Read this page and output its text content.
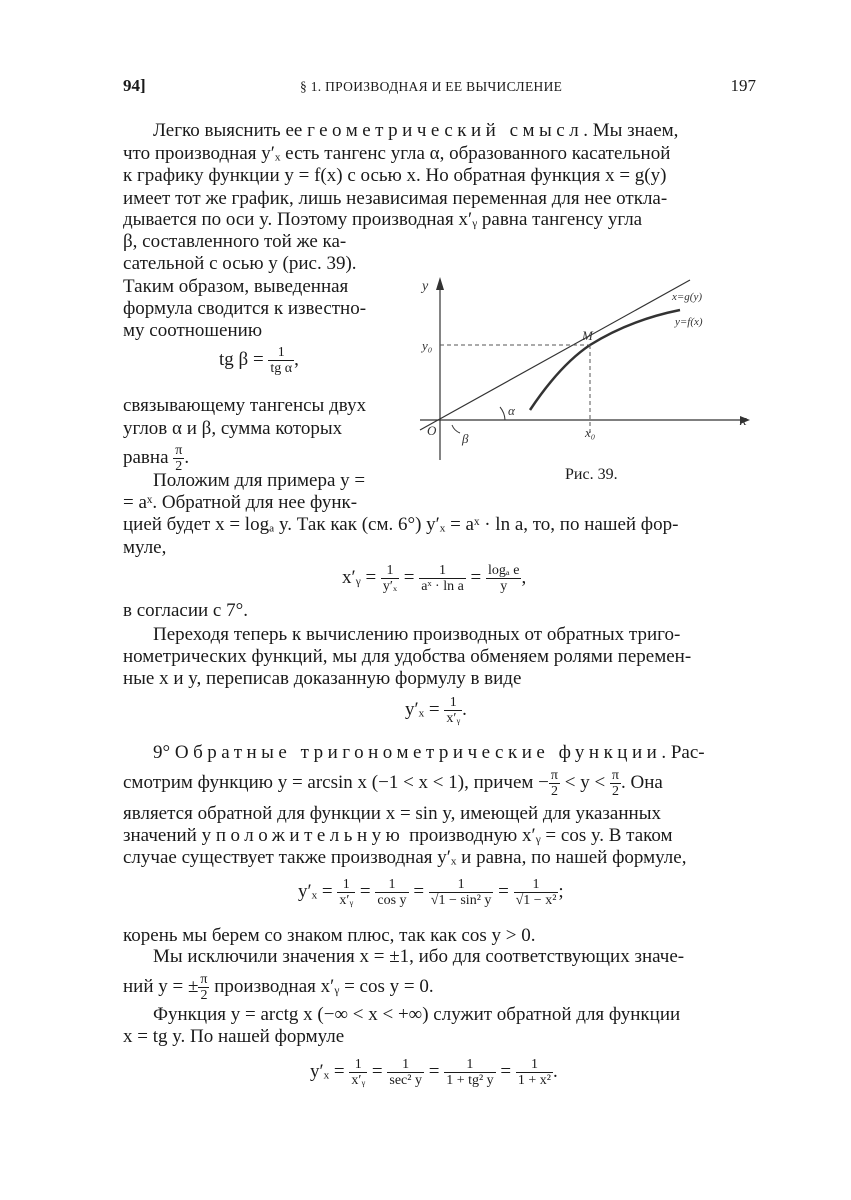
94]	§ 1. ПРОИЗВОДНАЯ И ЕЕ ВЫЧИСЛЕНИЕ	197
Легко выяснить ее геометрический смысл. Мы знаем,
что производная y′ₓ есть тангенс угла α, образованного касательной
к графику функции y = f(x) с осью x. Но обратная функция x = g(y)
имеет тот же график, лишь независимая переменная для нее откла-
дывается по оси y. Поэтому производная x′ᵧ равна тангенсу угла
β, составленного той же ка-
сательной с осью y (рис. 39).
Таким образом, выведенная
формула сводится к известно-
му соотношению
tg $\beta = \frac{1}{\text{tg α}}$ ,
связывающему тангенсы двух
углов α и β, сумма которых
равна $\frac{\pi}{2}$ .
y
x
y₀
x₀
M
O
α
β
x=g(y)
y=f(x)
Рис. 39.
Положим для примера y =
= aˣ. Обратной для нее функ-
цией будет x = logₐ y. Так как (см. 6°) y′ₓ = aˣ · ln a, то, по нашей фор-
муле,
x′ᵧ = $\frac{1}{\text{y′ₓ}} = \frac{1}{\text{aˣ · ln a}} = \frac{\text{logₐ e}}{y}$ ,
в согласии с 7°.
Переходя теперь к вычислению производных от обратных триго-
нометрических функций, мы для удобства обменяем ролями перемен-
ные x и y, переписав доказанную формулу в виде
$y'_x = \frac{1}{\text{x′ᵧ}}$ .
9° Обратные тригонометрические функции. Рас-
смотрим функцию y = arcsin x (−1 < x < 1), причем − $\frac{\pi}{2} < y < \frac{\pi}{2}$ . Она
является обратной для функции x = sin y, имеющей для указанных
значений y положительную производную x′ᵧ = cos y. В таком
случае существует также производная y′ₓ и равна, по нашей формуле,
$y'_x = \frac{1}{\text{x′ᵧ}} = \frac{1}{\text{cos y}} = \frac{1}{\text{√1 − sin² y}} = \frac{1}{\text{√1 − x²}}$ ;
корень мы берем со знаком плюс, так как cos y > 0.
Мы исключили значения x = ±1, ибо для соответствующих значе-
ний y = ± $\frac{\pi}{2}$ производная x′ᵧ = cos y = 0.
Функция y = arctg x (−∞ < x < +∞) служит обратной для функции
x = tg y. По нашей формуле
$y'_x = \frac{1}{\text{x′ᵧ}} = \frac{1}{\text{sec² y}} = \frac{1}{\text{1 + tg² y}} = \frac{1}{\text{1 + x²}}$ .
